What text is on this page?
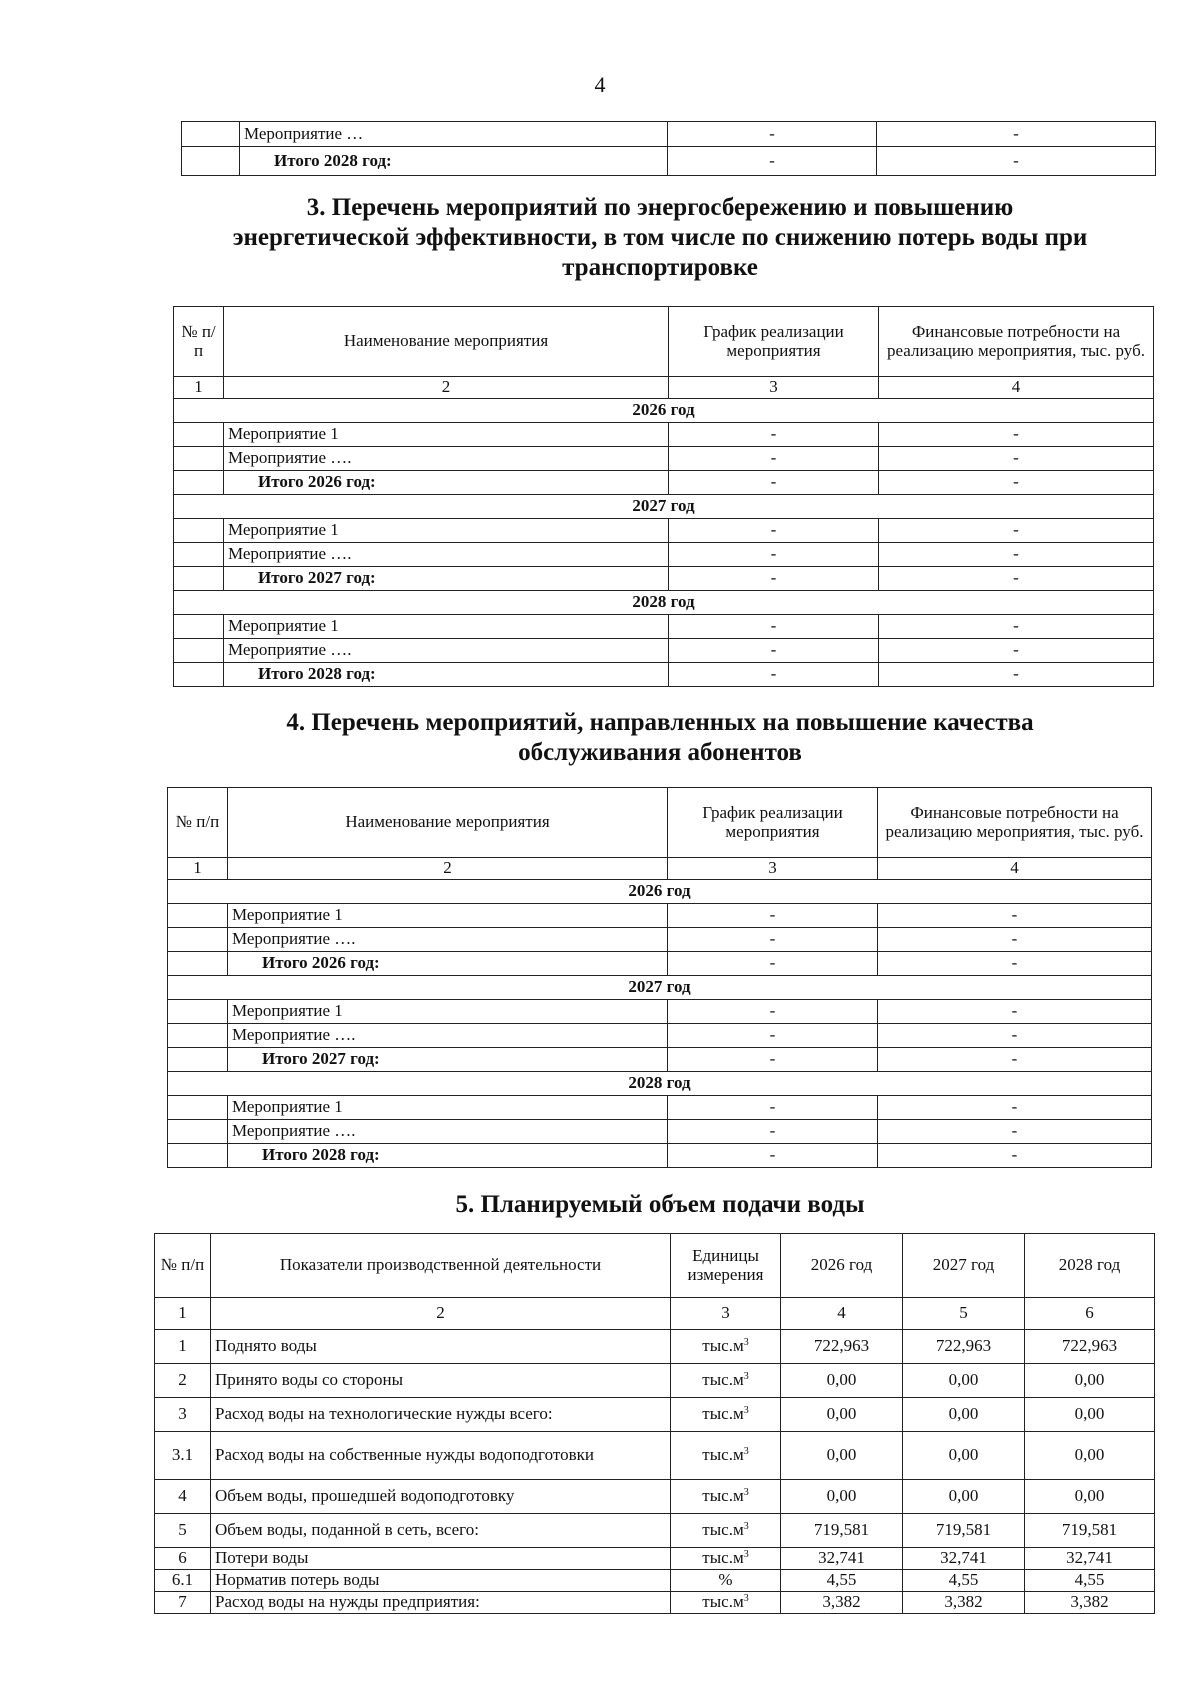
4
	Мероприятие …	-	-
	Итого 2028 год:	-	-
3. Перечень мероприятий по энергосбережению и повышению
энергетической эффективности, в том числе по снижению потерь воды при
транспортировке
№ п/п	Наименование мероприятия	График реализации мероприятия	Финансовые потребности на реализацию мероприятия, тыс. руб.
1	2	3	4
2026 год			
	Мероприятие 1	-	-
	Мероприятие ….	-	-
	Итого 2026 год:	-	-
2027 год			
	Мероприятие 1	-	-
	Мероприятие ….	-	-
	Итого 2027 год:	-	-
2028 год			
	Мероприятие 1	-	-
	Мероприятие ….	-	-
	Итого 2028 год:	-	-
4. Перечень мероприятий, направленных на повышение качества
обслуживания абонентов
№ п/п	Наименование мероприятия	График реализации мероприятия	Финансовые потребности на реализацию мероприятия, тыс. руб.
1	2	3	4
2026 год			
	Мероприятие 1	-	-
	Мероприятие ….	-	-
	Итого 2026 год:	-	-
2027 год			
	Мероприятие 1	-	-
	Мероприятие ….	-	-
	Итого 2027 год:	-	-
2028 год			
	Мероприятие 1	-	-
	Мероприятие ….	-	-
	Итого 2028 год:	-	-
5. Планируемый объем подачи воды
№ п/п	Показатели производственной деятельности	Единицы измерения	2026 год	2027 год	2028 год
1	2	3	4	5	6
1	Поднято воды	$тыс.м^3$	722,963	722,963	722,963
2	Принято воды со стороны	$тыс.м^3$	0,00	0,00	0,00
3	Расход воды на технологические нужды всего:	$тыс.м^3$	0,00	0,00	0,00
3.1	Расход воды на собственные нужды водоподготовки	$тыс.м^3$	0,00	0,00	0,00
4	Объем воды, прошедшей водоподготовку	$тыс.м^3$	0,00	0,00	0,00
5	Объем воды, поданной в сеть, всего:	$тыс.м^3$	719,581	719,581	719,581
6	Потери воды	$тыс.м^3$	32,741	32,741	32,741
6.1	Норматив потерь воды	%	4,55	4,55	4,55
7	Расход воды на нужды предприятия:	$тыс.м^3$	3,382	3,382	3,382
